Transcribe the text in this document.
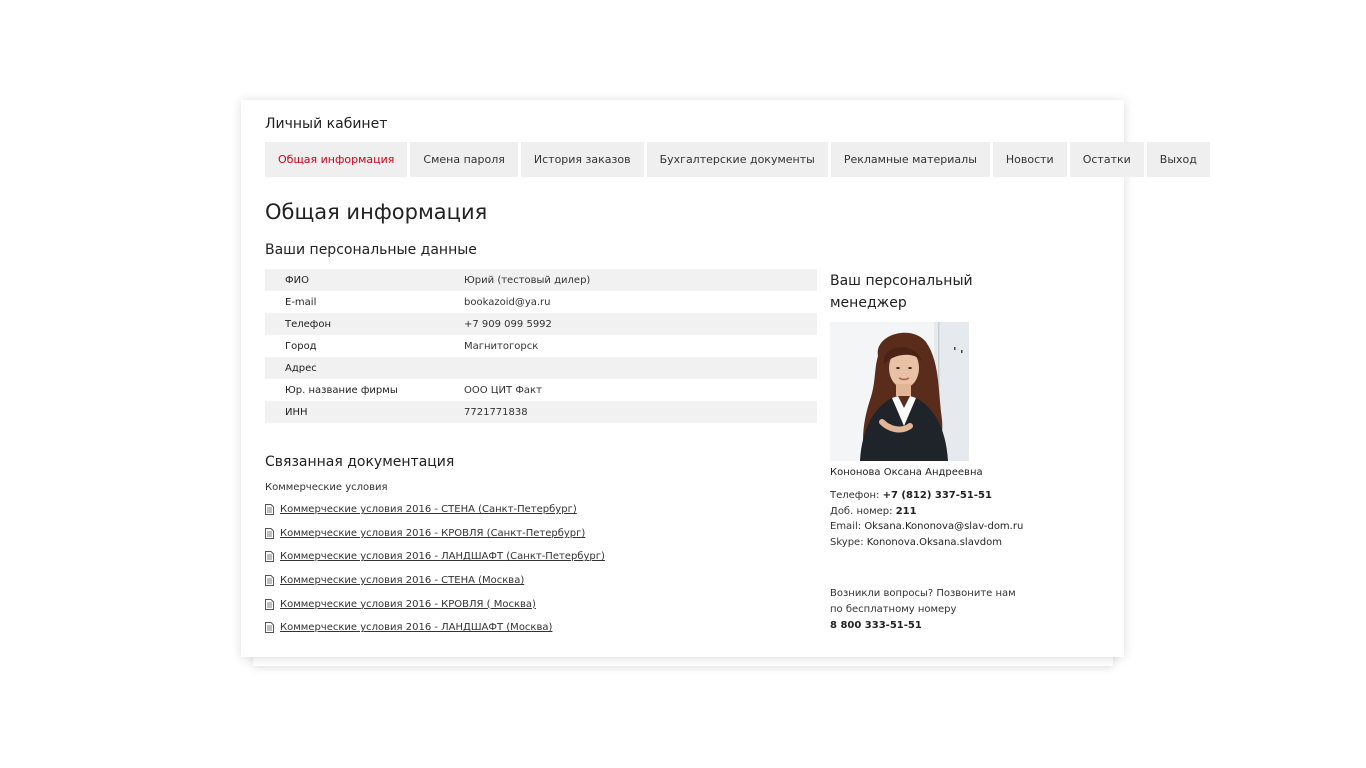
Личный кабинет
Общая информация	Смена пароля	История заказов	Бухгалтерские документы	Рекламные материалы	Новости	Остатки	Выход
Общая информация
Ваши персональные данные
ФИО	Юрий (тестовый дилер)
E-mail	bookazoid@ya.ru
Телефон	+7 909 099 5992
Город	Магнитогорск
Адрес	
Юр. название фирмы	ООО ЦИТ Факт
ИНН	7721771838
Связанная документация
Коммерческие условия
Коммерческие условия 2016 - СТЕНА (Санкт-Петербург)
Коммерческие условия 2016 - КРОВЛЯ (Санкт-Петербург)
Коммерческие условия 2016 - ЛАНДШАФТ (Санкт-Петербург)
Коммерческие условия 2016 - СТЕНА (Москва)
Коммерческие условия 2016 - КРОВЛЯ ( Москва)
Коммерческие условия 2016 - ЛАНДШАФТ (Москва)
Ваш персональный менеджер
Кононова Оксана Андреевна
Телефон: +7 (812) 337-51-51
Доб. номер: 211
Email: Oksana.Kononova@slav-dom.ru
Skype: Kononova.Oksana.slavdom
Возникли вопросы? Позвоните нам по бесплатному номеру
8 800 333-51-51
